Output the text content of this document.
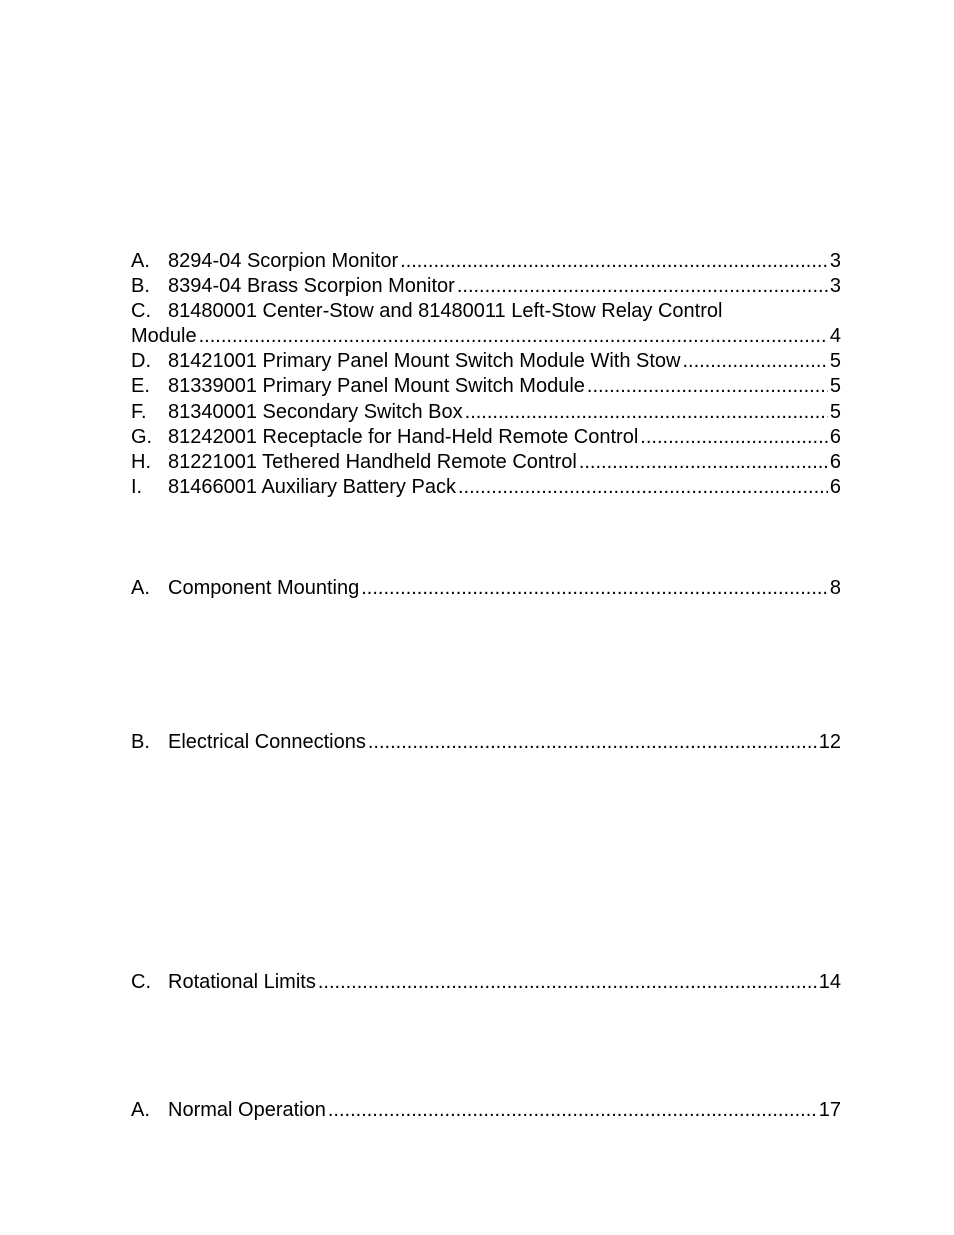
A. 8294-04 Scorpion Monitor .....	3
B. 8394-04 Brass Scorpion Monitor .....	3
C. 81480001 Center-Stow and 81480011 Left-Stow Relay Control
Module .....	4
D. 81421001 Primary Panel Mount Switch Module With Stow .....	5
E. 81339001 Primary Panel Mount Switch Module .....	5
F.	81340001 Secondary Switch Box .....	5
G. 81242001 Receptacle for Hand-Held Remote Control .....	6
H. 81221001 Tethered Handheld Remote Control .....	6
I.	81466001 Auxiliary Battery Pack .....	6
A. Component Mounting .....	8
B. Electrical Connections .....	12
C. Rotational Limits .....	14
A. Normal Operation .....	17
